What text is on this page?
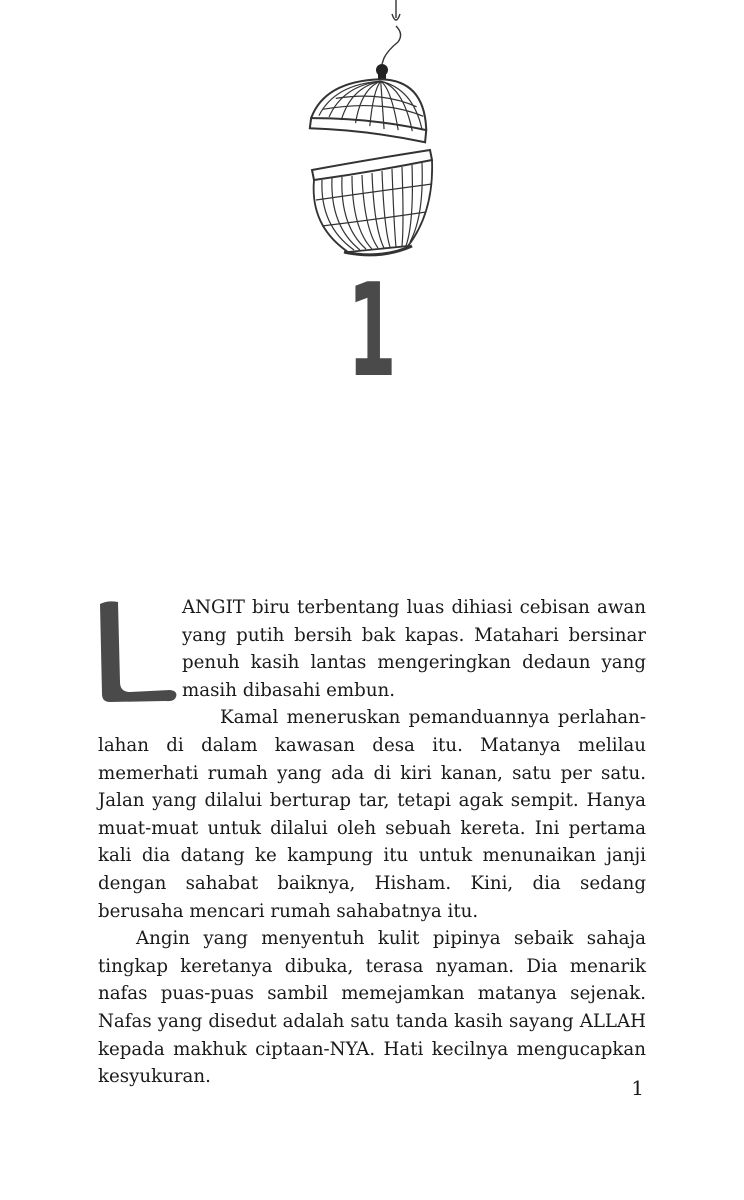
1
L

ANGIT biru terbentang luas dihiasi cebisan awan yang putih bersih bak kapas. Matahari bersinar penuh kasih lantas mengeringkan dedaun yang masih dibasahi embun.

Kamal meneruskan pemanduannya perlahan-lahan di dalam kawasan desa itu. Matanya melilau memerhati rumah yang ada di kiri kanan, satu per satu. Jalan yang dilalui berturap tar, tetapi agak sempit. Hanya muat-muat untuk dilalui oleh sebuah kereta. Ini pertama kali dia datang ke kampung itu untuk menunaikan janji dengan sahabat baiknya, Hisham. Kini, dia sedang berusaha mencari rumah sahabatnya itu.

Angin yang menyentuh kulit pipinya sebaik sahaja tingkap keretanya dibuka, terasa nyaman. Dia menarik nafas puas-puas sambil memejamkan matanya sejenak. Nafas yang disedut adalah satu tanda kasih sayang ALLAH kepada makhuk ciptaan-NYA. Hati kecilnya mengucapkan kesyukuran.	1
